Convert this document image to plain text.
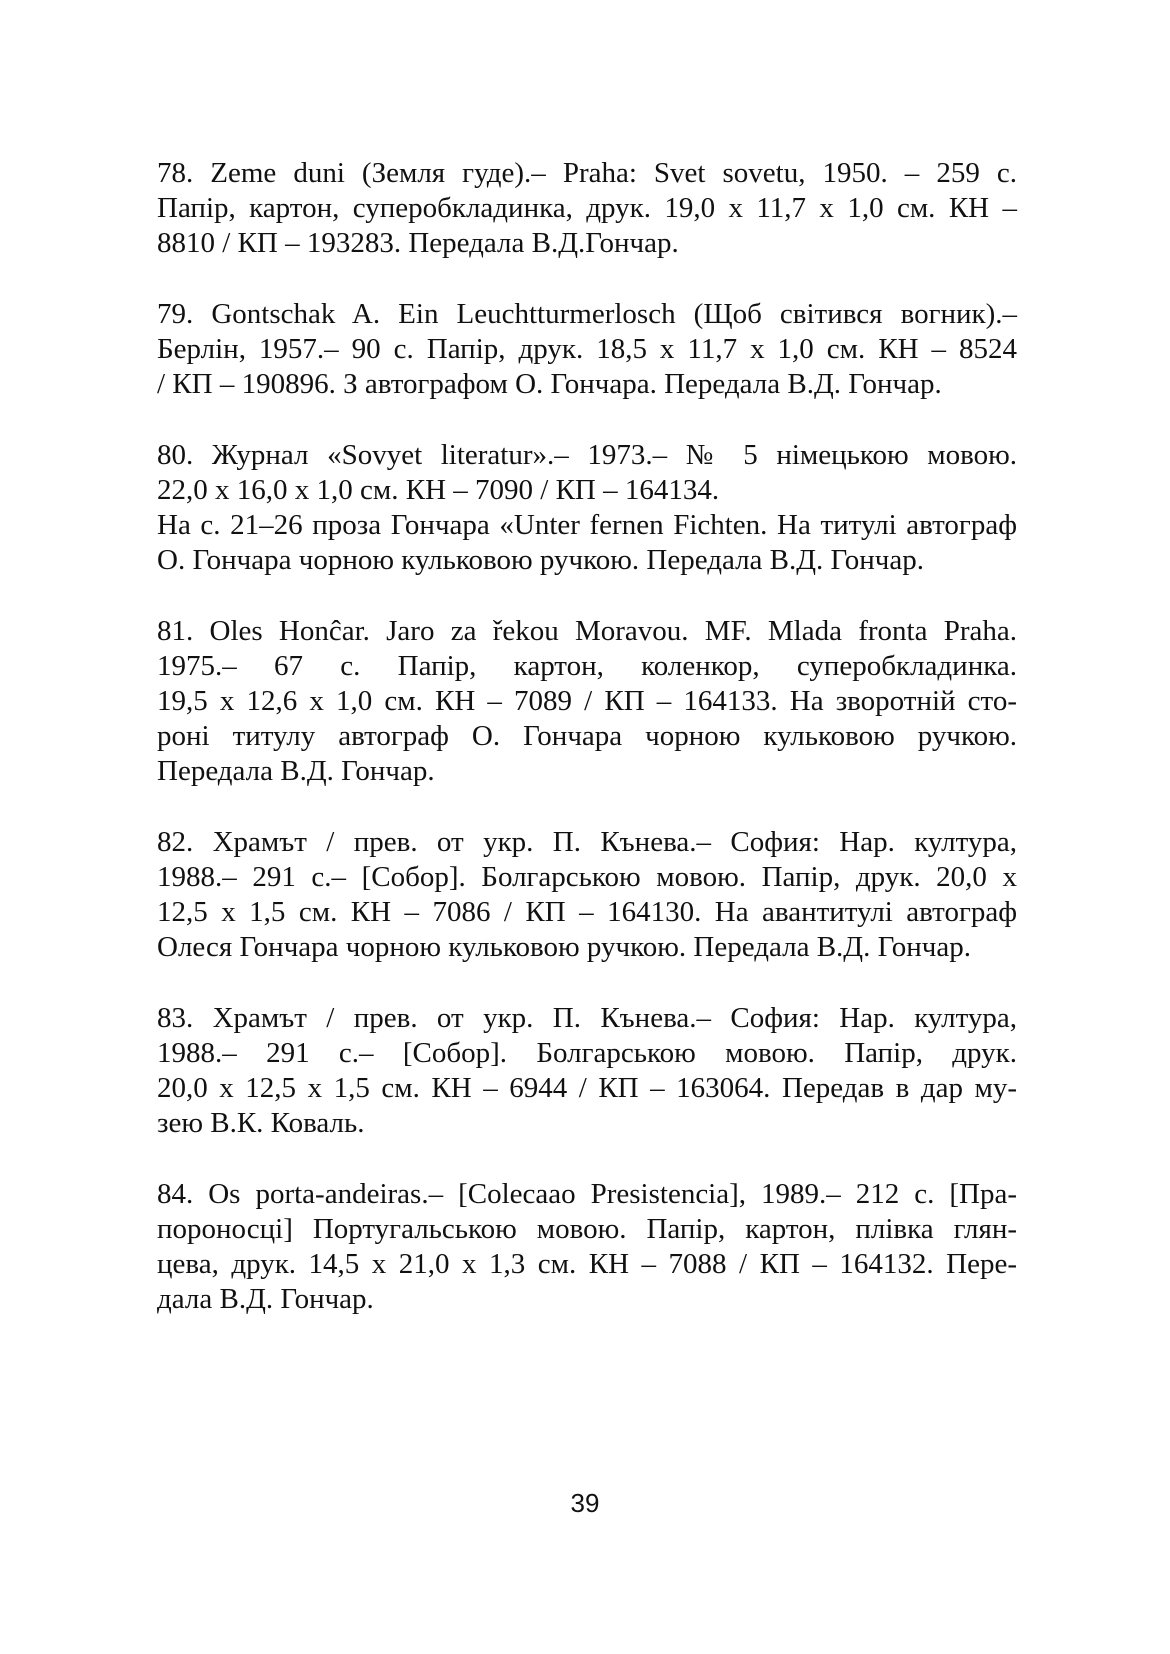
78. Zeme duni (Земля гуде).– Praha: Svet sovetu, 1950. – 259 с.
Папір, картон, суперобкладинка, друк. 19,0 х 11,7 х 1,0 см. КН –
8810 / КП – 193283. Передала В.Д.Гончар.

79. Gontschak A. Ein Leuchtturmerlosch (Щоб світився вогник).–
Берлін, 1957.– 90 с. Папір, друк. 18,5 х 11,7 х 1,0 см. КН – 8524
/ КП – 190896. З автографом О. Гончара. Передала В.Д. Гончар.

80. Журнал «Sovyet literatur».– 1973.– № 5 німецькою мовою.
22,0 х 16,0 х 1,0 см. КН – 7090 / КП – 164134.
На с. 21–26 проза Гончара «Unter fernen Fichten. На титулі автограф
О. Гончара чорною кульковою ручкою. Передала В.Д. Гончар.

81. Oles Honĉar. Jaro za řekou Moravou. MF. Mlada fronta Praha.
1975.– 67 с. Папір, картон, коленкор, суперобкладинка.
19,5 х 12,6 х 1,0 см. КН – 7089 / КП – 164133. На зворотній сто-
роні титулу автограф О. Гончара чорною кульковою ручкою.
Передала В.Д. Гончар.

82. Храмът / прев. от укр. П. Кънева.– София: Нар. култура,
1988.– 291 с.– [Собор]. Болгарською мовою. Папір, друк. 20,0 х
12,5 х 1,5 см. КН – 7086 / КП – 164130. На авантитулі автограф
Олеся Гончара чорною кульковою ручкою. Передала В.Д. Гончар.

83. Храмът / прев. от укр. П. Кънева.– София: Нар. култура,
1988.– 291 с.– [Собор]. Болгарською мовою. Папір, друк.
20,0 х 12,5 х 1,5 см. КН – 6944 / КП – 163064. Передав в дар му-
зею В.К. Коваль.

84. Os porta-andeiras.– [Colecaao Presistencia], 1989.– 212 с. [Пра-
пороносці] Португальською мовою. Папір, картон, плівка глян-
цева, друк. 14,5 х 21,0 х 1,3 см. КН – 7088 / КП – 164132. Пере-
дала В.Д. Гончар.

39
